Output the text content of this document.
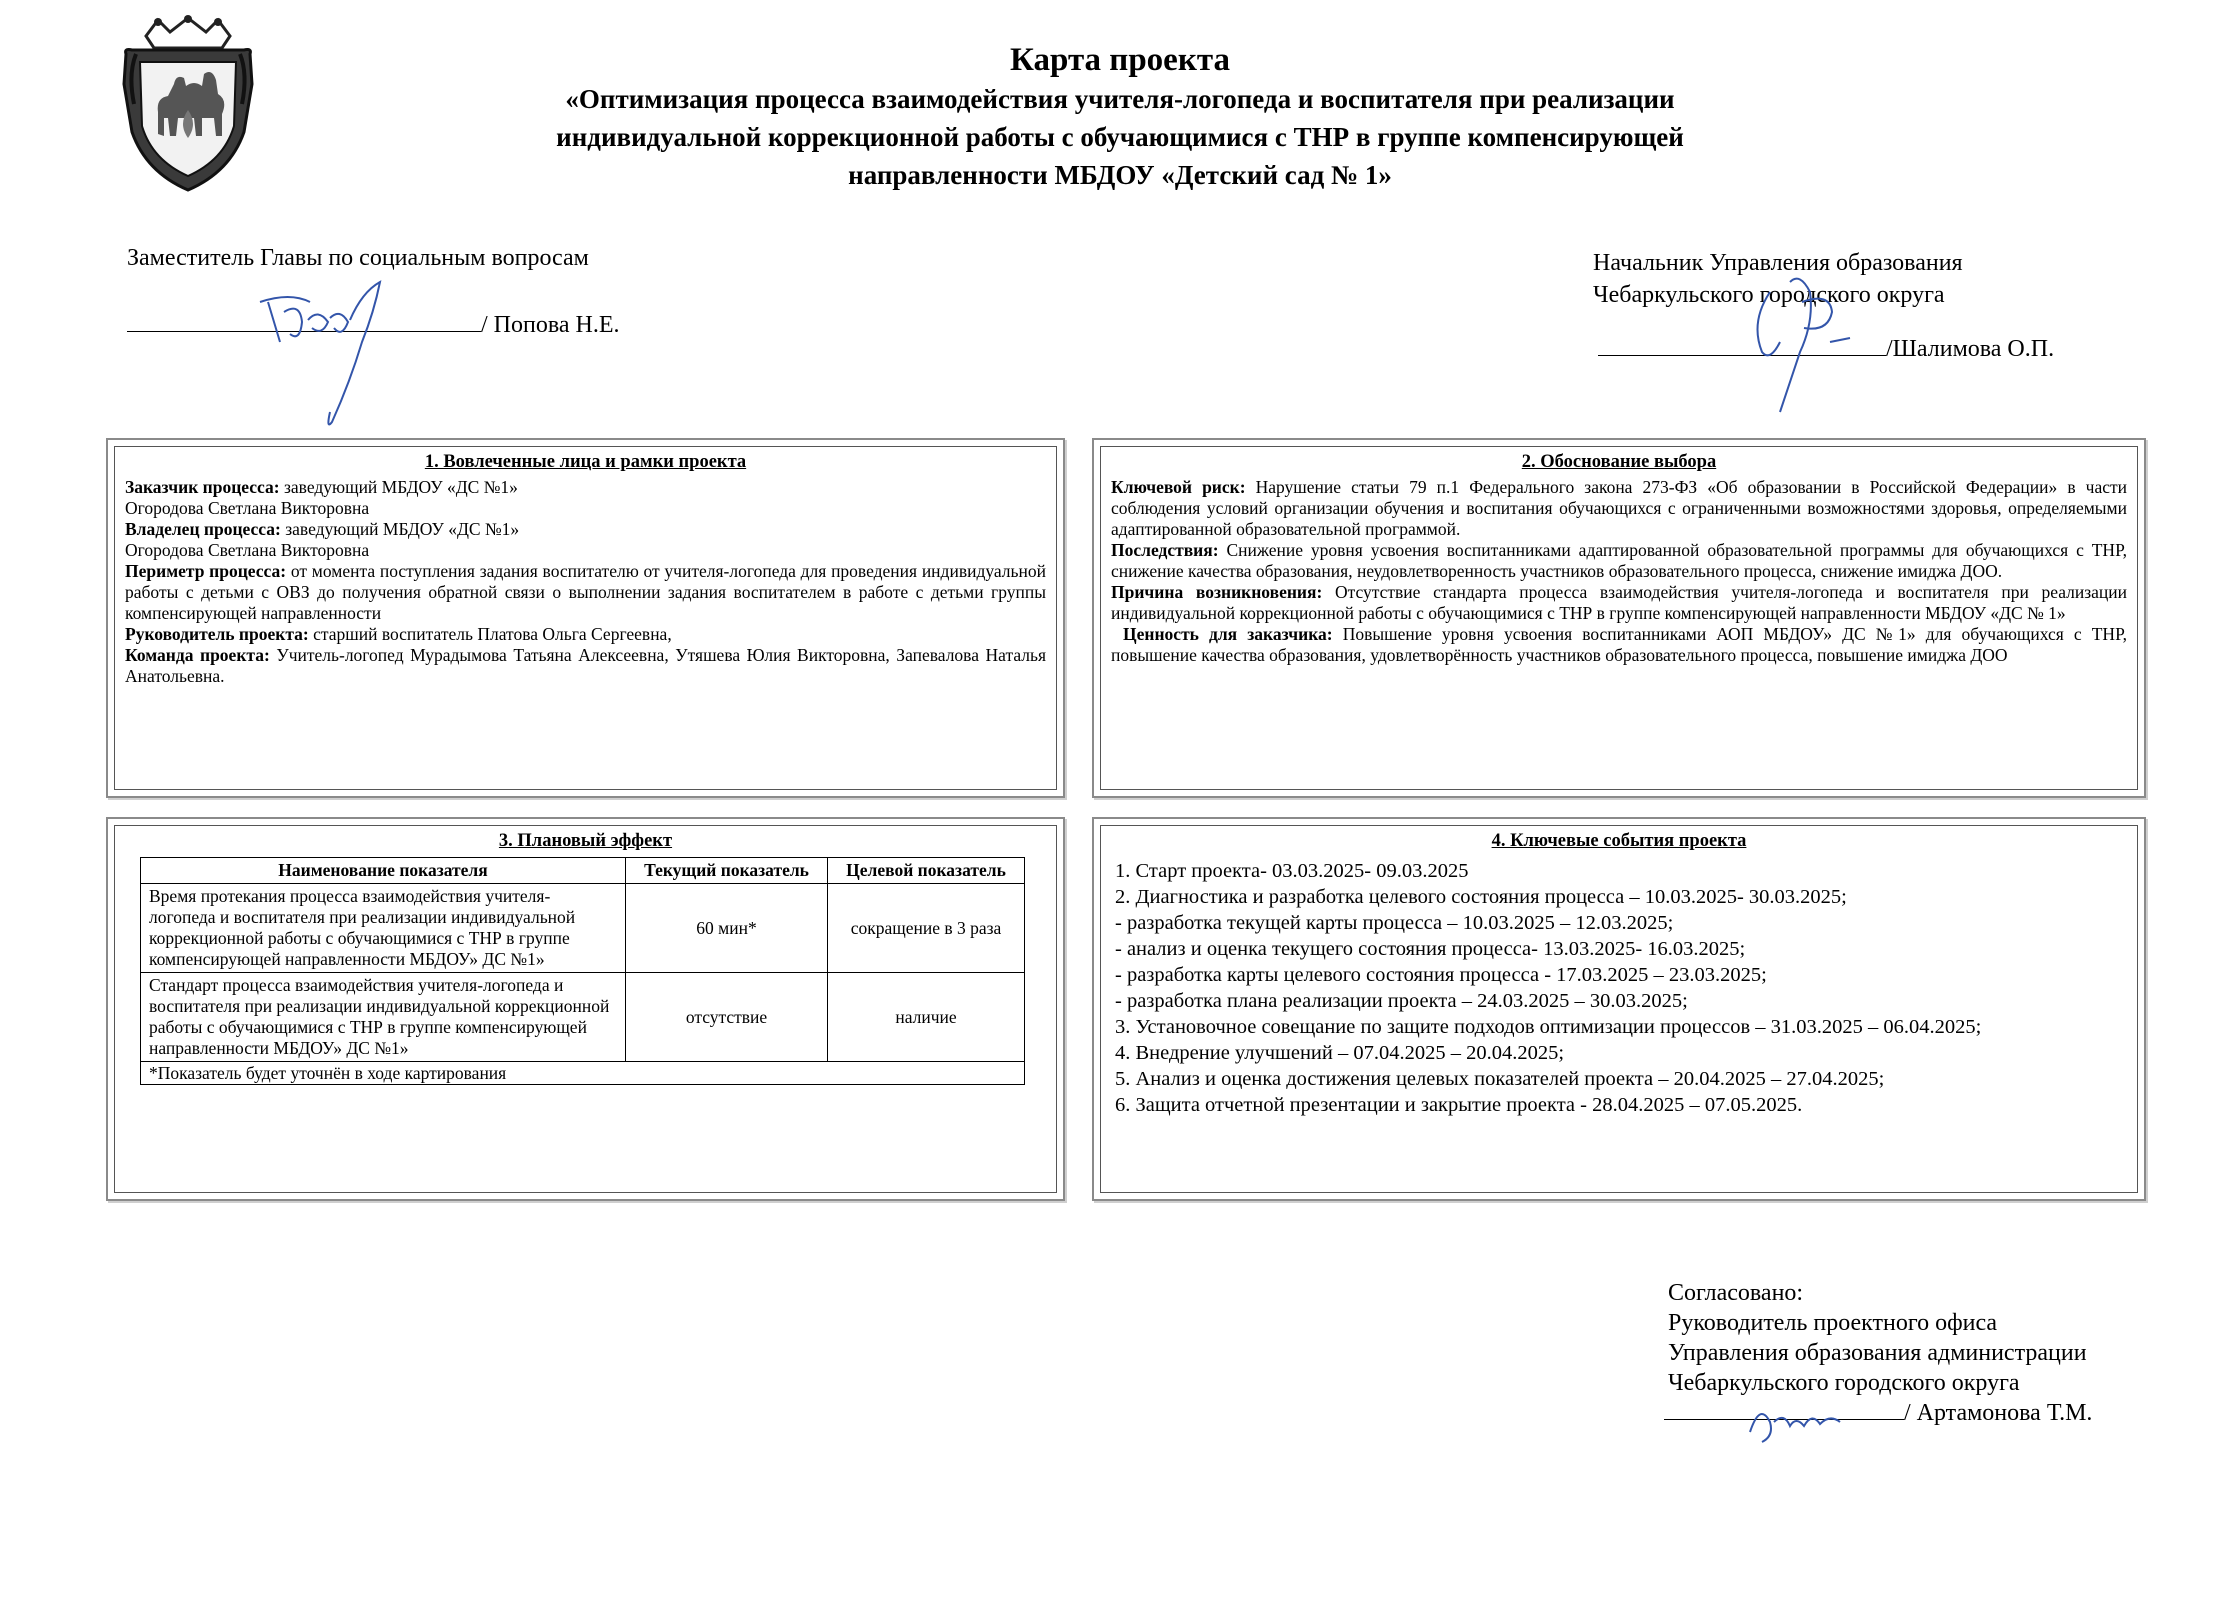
Карта проекта
«Оптимизация процесса взаимодействия учителя-логопеда и воспитателя при реализации
индивидуальной коррекционной работы с обучающимися с ТНР в группе компенсирующей
направленности МБДОУ «Детский сад № 1»
Заместитель Главы по социальным вопросам
/ Попова Н.Е.
Начальник Управления образования
Чебаркульского городского округа
/Шалимова О.П.
1. Вовлеченные лица и рамки проекта

Заказчик процесса: заведующий МБДОУ «ДС №1»

Огородова Светлана Викторовна

Владелец процесса: заведующий МБДОУ «ДС №1»

Огородова Светлана Викторовна

Периметр процесса: от момента поступления задания воспитателю от учителя-логопеда для проведения индивидуальной работы с детьми с ОВЗ до получения обратной связи о выполнении задания воспитателем в работе с детьми группы компенсирующей направленности

Руководитель проекта: старший воспитатель Платова Ольга Сергеевна,

Команда проекта: Учитель-логопед Мурадымова Татьяна Алексеевна, Утяшева Юлия Викторовна, Запевалова Наталья Анатольевна.

2. Обоснование выбора

Ключевой риск: Нарушение статьи 79 п.1 Федерального закона 273-ФЗ «Об образовании в Российской Федерации» в части соблюдения условий организации обучения и воспитания обучающихся с ограниченными возможностями здоровья, определяемыми адаптированной образовательной программой.

Последствия: Снижение уровня усвоения воспитанниками адаптированной образовательной программы для обучающихся с ТНР, снижение качества образования, неудовлетворенность участников образовательного процесса, снижение имиджа ДОО.

Причина возникновения: Отсутствие стандарта процесса взаимодействия учителя-логопеда и воспитателя при реализации индивидуальной коррекционной работы с обучающимися с ТНР в группе компенсирующей направленности МБДОУ «ДС № 1»

Ценность для заказчика: Повышение уровня усвоения воспитанниками АОП МБДОУ» ДС №1» для обучающихся с ТНР, повышение качества образования, удовлетворённость участников образовательного процесса, повышение имиджа ДОО

3. Плановый эффект
Наименование показателя	Текущий показатель	Целевой показатель
Время протекания процесса взаимодействия учителя- логопеда и воспитателя при реализации индивидуальной коррекционной работы с обучающимися с ТНР в группе компенсирующей направленности МБДОУ» ДС №1»	60 мин*	сокращение в 3 раза
Стандарт процесса взаимодействия учителя-логопеда и воспитателя при реализации индивидуальной коррекционной работы с обучающимися с ТНР в группе компенсирующей направленности МБДОУ» ДС №1»	отсутствие	наличие
*Показатель будет уточнён в ходе картирования		
4. Ключевые события проекта
1. Старт проекта- 03.03.2025- 09.03.2025
2. Диагностика и разработка целевого состояния процесса – 10.03.2025- 30.03.2025;
- разработка текущей карты процесса – 10.03.2025 – 12.03.2025;
- анализ и оценка текущего состояния процесса- 13.03.2025- 16.03.2025;
- разработка карты целевого состояния процесса - 17.03.2025 – 23.03.2025;
- разработка плана реализации проекта – 24.03.2025 – 30.03.2025;
3. Установочное совещание по защите подходов оптимизации процессов – 31.03.2025 – 06.04.2025;
4. Внедрение улучшений – 07.04.2025 – 20.04.2025;
5. Анализ и оценка достижения целевых показателей проекта – 20.04.2025 – 27.04.2025;
6. Защита отчетной презентации и закрытие проекта - 28.04.2025 – 07.05.2025.
Согласовано:
Руководитель проектного офиса
Управления образования администрации
Чебаркульского городского округа
/ Артамонова Т.М.
